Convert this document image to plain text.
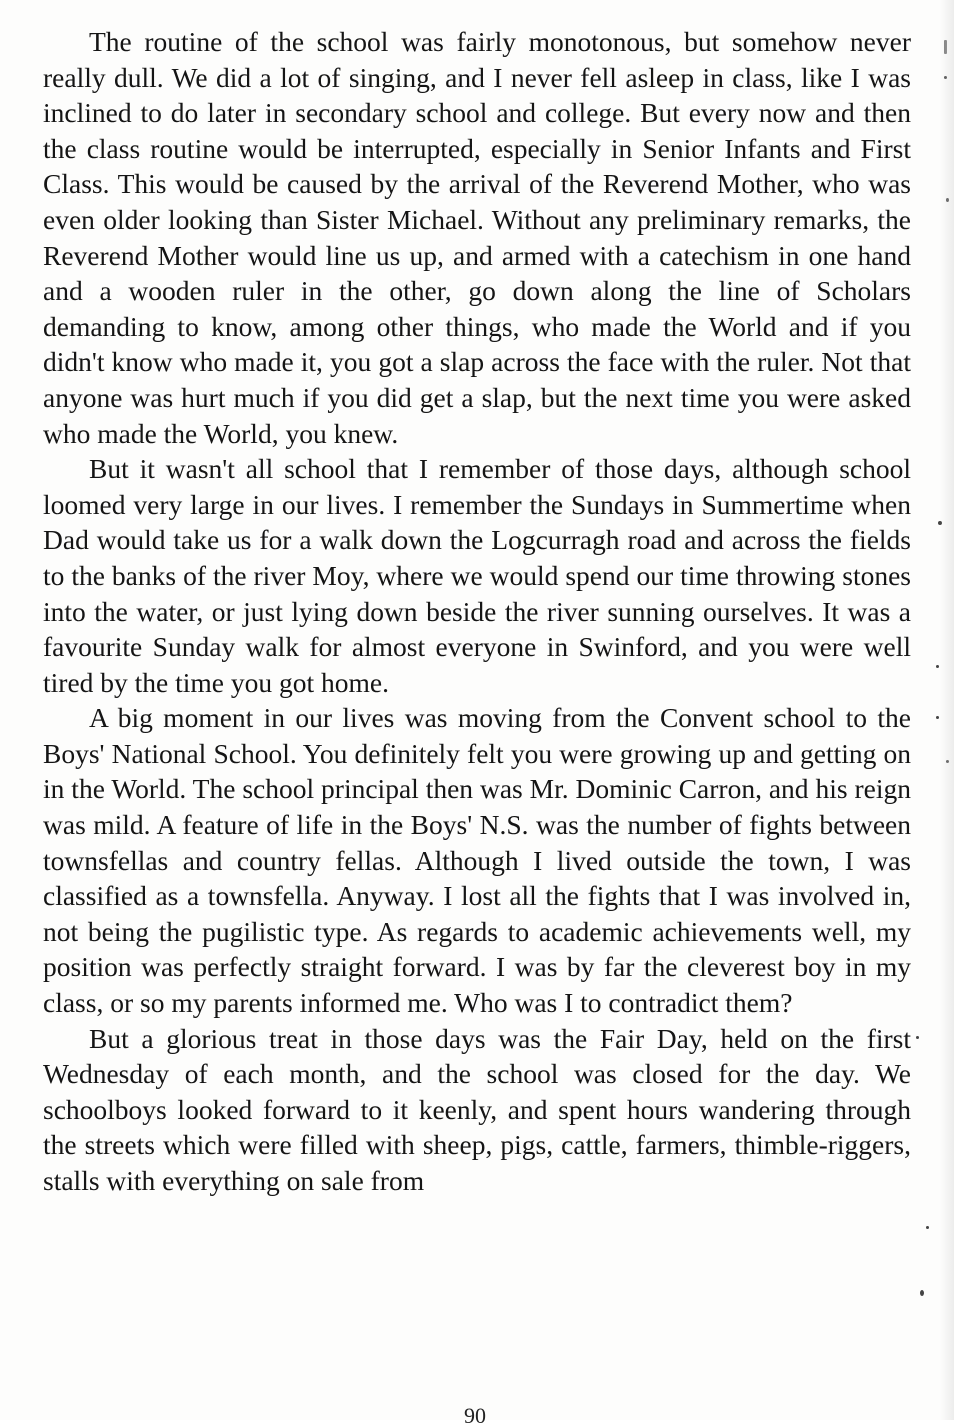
The routine of the school was fairly monotonous, but somehow never really dull. We did a lot of singing, and I never fell asleep in class, like I was inclined to do later in secondary school and college. But every now and then the class routine would be interrupted, especially in Senior Infants and First Class. This would be caused by the arrival of the Reverend Mother, who was even older looking than Sister Michael. Without any preliminary remarks, the Reverend Mother would line us up, and armed with a catechism in one hand and a wooden ruler in the other, go down along the line of Scholars demanding to know, among other things, who made the World and if you didn't know who made it, you got a slap across the face with the ruler. Not that anyone was hurt much if you did get a slap, but the next time you were asked who made the World, you knew.

But it wasn't all school that I remember of those days, although school loomed very large in our lives. I remember the Sundays in Summertime when Dad would take us for a walk down the Logcurragh road and across the fields to the banks of the river Moy, where we would spend our time throwing stones into the water, or just lying down beside the river sunning ourselves. It was a favourite Sunday walk for almost everyone in Swinford, and you were well tired by the time you got home.

A big moment in our lives was moving from the Convent school to the Boys' National School. You definitely felt you were growing up and getting on in the World. The school principal then was Mr. Dominic Carron, and his reign was mild. A feature of life in the Boys' N.S. was the number of fights between townsfellas and country fellas. Although I lived outside the town, I was classified as a townsfella. Anyway. I lost all the fights that I was involved in, not being the pugilistic type. As regards to academic achievements well, my position was perfectly straight forward. I was by far the cleverest boy in my class, or so my parents informed me. Who was I to contradict them?

But a glorious treat in those days was the Fair Day, held on the first Wednesday of each month, and the school was closed for the day. We schoolboys looked forward to it keenly, and spent hours wandering through the streets which were filled with sheep, pigs, cattle, farmers, thimble-riggers, stalls with everything on sale from

90
